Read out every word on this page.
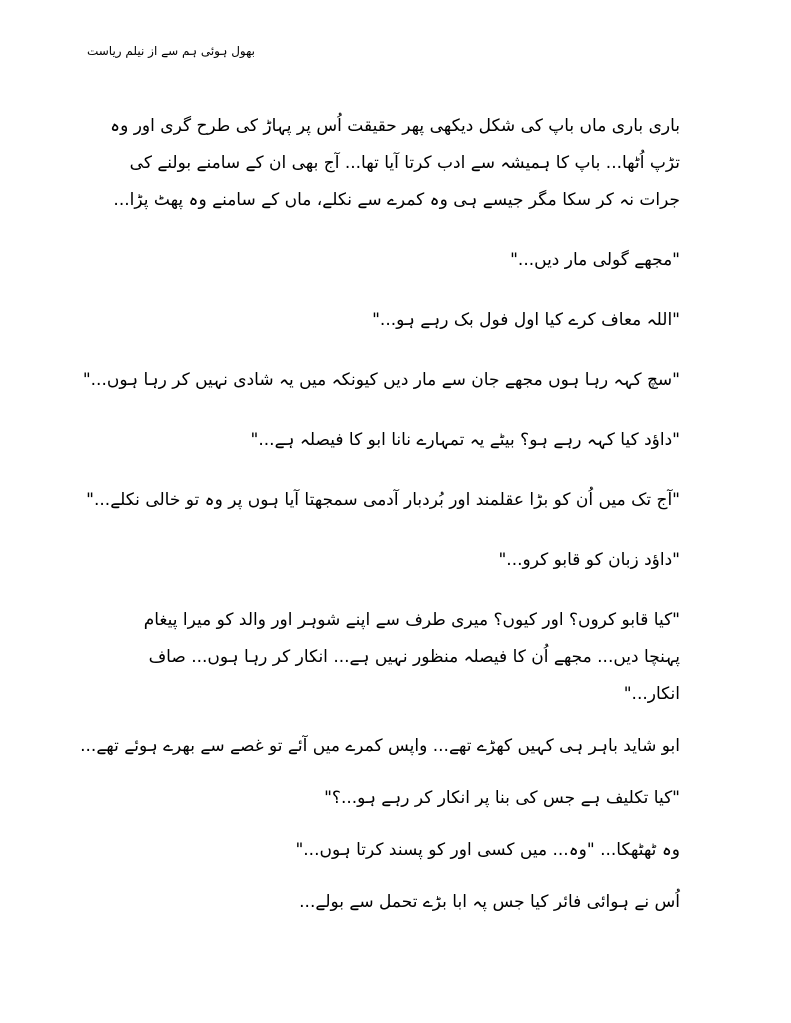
بھول ہوئی ہم سے از نیلم ریاست

باری باری ماں باپ کی شکل دیکھی پھر حقیقت اُس پر پہاڑ کی طرح گری اور وہ تڑپ اُٹھا... باپ کا ہمیشہ سے ادب کرتا آیا تھا... آج بھی ان کے سامنے بولنے کی جرات نہ کر سکا مگر جیسے ہی وہ کمرے سے نکلے، ماں کے سامنے وہ پھٹ پڑا...

"مجھے گولی مار دیں..."

"اللہ معاف کرے کیا اول فول بک رہے ہو..."

"سچ کہہ رہا ہوں مجھے جان سے مار دیں کیونکہ میں یہ شادی نہیں کر رہا ہوں..."

"داؤد کیا کہہ رہے ہو؟ بیٹے یہ تمہارے نانا ابو کا فیصلہ ہے..."

"آج تک میں اُن کو بڑا عقلمند اور بُردبار آدمی سمجھتا آیا ہوں پر وہ تو خالی نکلے..."

"داؤد زبان کو قابو کرو..."

"کیا قابو کروں؟ اور کیوں؟ میری طرف سے اپنے شوہر اور والد کو میرا پیغام پہنچا دیں... مجھے اُن کا فیصلہ منظور نہیں ہے... انکار کر رہا ہوں... صاف انکار..."

ابو شاید باہر ہی کہیں کھڑے تھے... واپس کمرے میں آئے تو غصے سے بھرے ہوئے تھے...

"کیا تکلیف ہے جس کی بنا پر انکار کر رہے ہو...؟"

وہ ٹھٹھکا... "وہ... میں کسی اور کو پسند کرتا ہوں..."

اُس نے ہوائی فائر کیا جس پہ ابا بڑے تحمل سے بولے...
